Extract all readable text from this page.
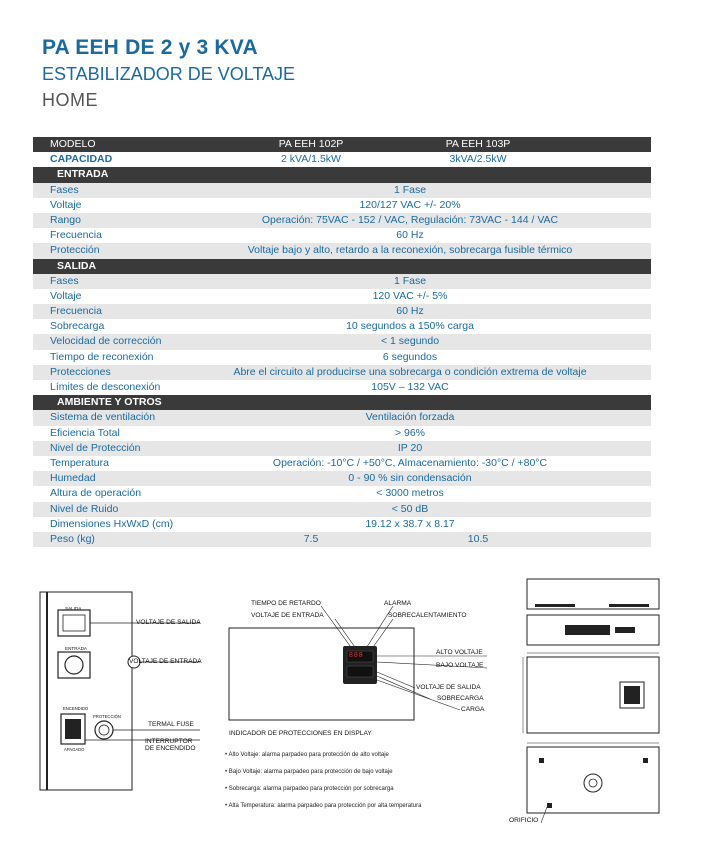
PA EEH DE 2 y 3 KVA
ESTABILIZADOR DE VOLTAJE
HOME
MODELO	PA EEH 102P	PA EEH 103P
CAPACIDAD	2 kVA/1.5kW	3kVA/2.5kW
ENTRADA
Fases	1 Fase
Voltaje	120/127 VAC +/- 20%
Rango	Operación: 75VAC - 152 / VAC, Regulación: 73VAC - 144 / VAC
Frecuencia	60 Hz
Protección	Voltaje bajo y alto, retardo a la reconexión, sobrecarga fusible térmico
SALIDA
Fases	1 Fase
Voltaje	120 VAC +/- 5%
Frecuencia	60 Hz
Sobrecarga	10 segundos a 150% carga
Velocidad de corrección	< 1 segundo
Tiempo de reconexión	6 segundos
Protecciones	Abre el circuito al producirse una sobrecarga o condición extrema de voltaje
Límites de desconexión	105V – 132 VAC
AMBIENTE Y OTROS
Sistema de ventilación	Ventilación forzada
Eficiencia Total	> 96%
Nivel de Protección	IP 20
Temperatura	Operación: -10°C / +50°C, Almacenamiento: -30°C / +80°C
Humedad	0 - 90 % sin condensación
Altura de operación	< 3000 metros
Nivel de Ruido	< 50 dB
Dimensiones HxWxD (cm)	19.12 x 38.7 x 8.17
Peso (kg)	7.5	10.5
SALIDA
ENTRADA
ENCENDIDO
APAGADO
PROTECCIÓN
VOLTAJE DE SALIDA
VOLTAJE DE ENTRADA
TERMAL FUSE
INTERRUPTOR
DE ENCENDIDO
888
TIEMPO DE RETARDO	ALARMA
VOLTAJE DE ENTRADA	SOBRECALENTAMIENTO
ALTO VOLTAJE
BAJO VOLTAJE
VOLTAJE DE SALIDA
SOBRECARGA
CARGA
INDICADOR DE PROTECCIONES EN DISPLAY
• Alto Voltaje: alarma parpadeo para protección de alto voltaje
• Bajo Voltaje: alarma parpadeo para protección de bajo voltaje
• Sobrecarga: alarma parpadeo para protección por sobrecarga
• Alta Temperatura: alarma parpadeo para protección por alta temperatura
ORIFICIO
